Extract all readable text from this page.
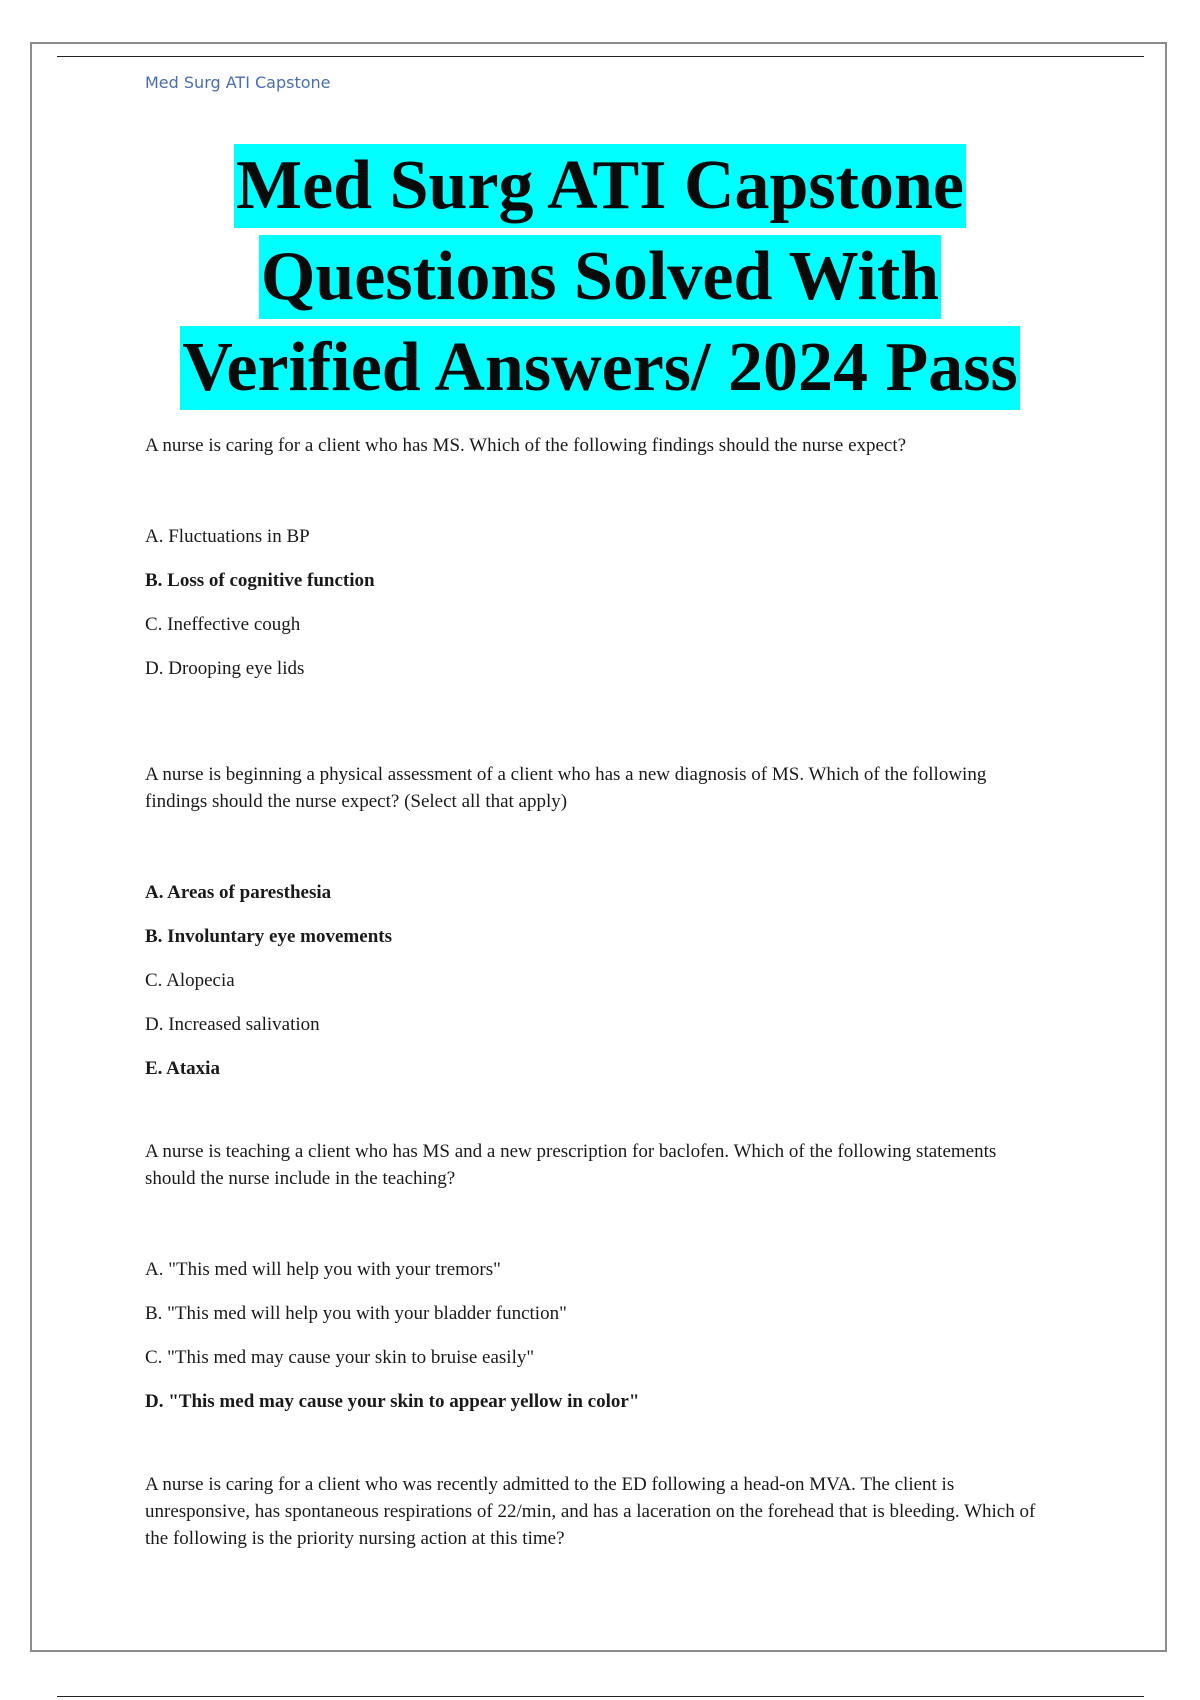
Med Surg ATI Capstone
Med Surg ATI Capstone
Questions Solved With
Verified Answers/ 2024 Pass

A nurse is caring for a client who has MS. Which of the following findings should the nurse expect?

A. Fluctuations in BP
B. Loss of cognitive function
C. Ineffective cough
D. Drooping eye lids

A nurse is beginning a physical assessment of a client who has a new diagnosis of MS. Which of the following findings should the nurse expect? (Select all that apply)

A. Areas of paresthesia
B. Involuntary eye movements
C. Alopecia
D. Increased salivation
E. Ataxia

A nurse is teaching a client who has MS and a new prescription for baclofen. Which of the following statements should the nurse include in the teaching?

A. "This med will help you with your tremors"
B. "This med will help you with your bladder function"
C. "This med may cause your skin to bruise easily"
D. "This med may cause your skin to appear yellow in color"

A nurse is caring for a client who was recently admitted to the ED following a head-on MVA. The client is unresponsive, has spontaneous respirations of 22/min, and has a laceration on the forehead that is bleeding. Which of the following is the priority nursing action at this time?
